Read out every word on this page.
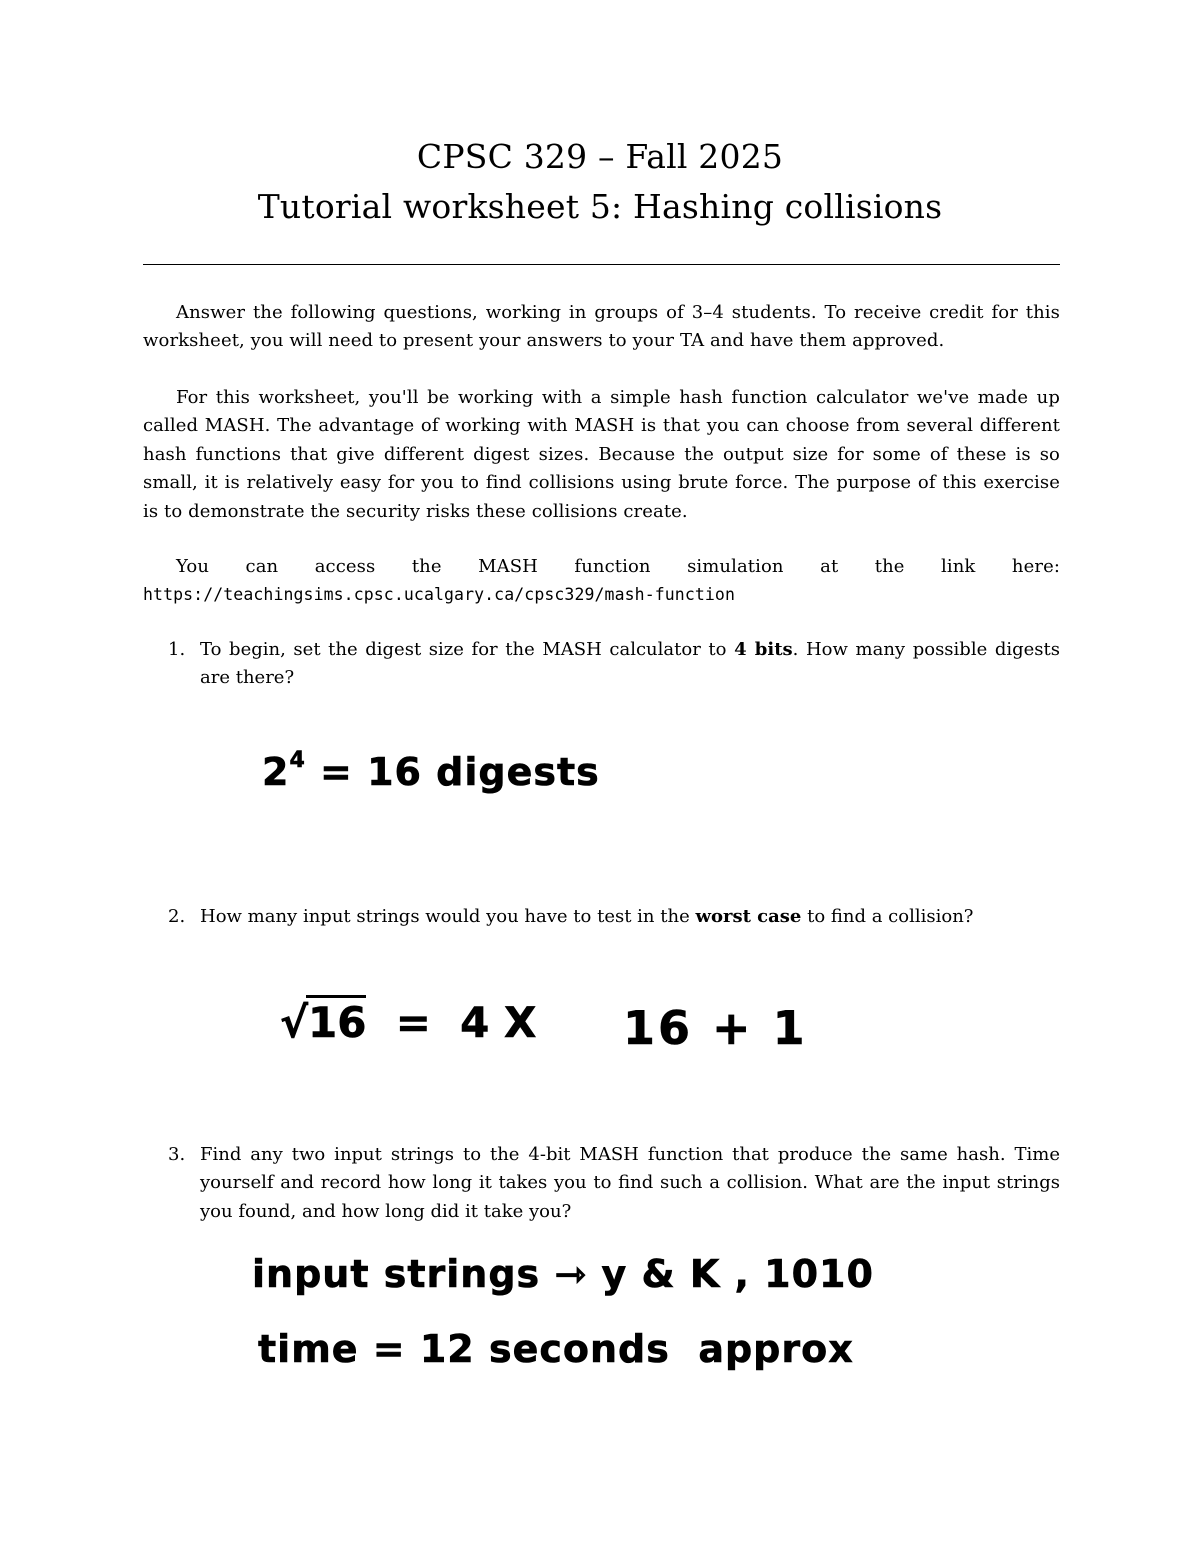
CPSC 329 – Fall 2025
Tutorial worksheet 5: Hashing collisions

Answer the following questions, working in groups of 3–4 students. To receive credit for this worksheet, you will need to present your answers to your TA and have them approved.

For this worksheet, you'll be working with a simple hash function calculator we've made up called MASH. The advantage of working with MASH is that you can choose from several different hash functions that give different digest sizes. Because the output size for some of these is so small, it is relatively easy for you to find collisions using brute force. The purpose of this exercise is to demonstrate the security risks these collisions create.

You can access the MASH function simulation at the link here: https://teachingsims.cpsc.ucalgary.ca/cpsc329/mash-function

1. To begin, set the digest size for the MASH calculator to 4 bits. How many possible digests are there?
$2^4 = 16$ digests
2. How many input strings would you have to test in the worst case to find a collision?
√16  =  4 X 16 + 1
3. Find any two input strings to the 4-bit MASH function that produce the same hash. Time yourself and record how long it takes you to find such a collision. What are the input strings you found, and how long did it take you?
input strings ⇾ y & K , 1010
time = 12 seconds  approx
